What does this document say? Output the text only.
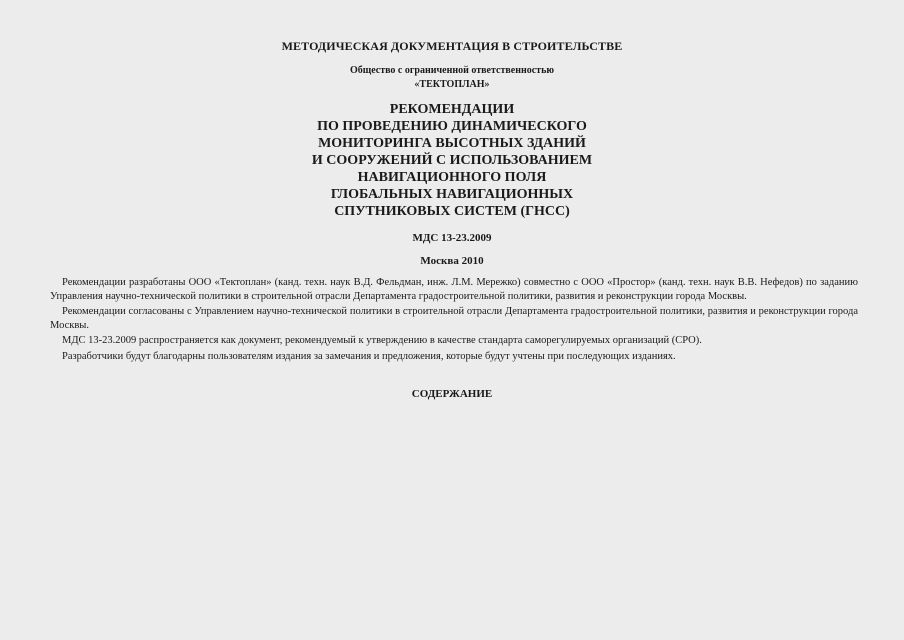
МЕТОДИЧЕСКАЯ ДОКУМЕНТАЦИЯ В СТРОИТЕЛЬСТВЕ
Общество с ограниченной ответственностью
«ТЕКТОПЛАН»
РЕКОМЕНДАЦИИ
ПО ПРОВЕДЕНИЮ ДИНАМИЧЕСКОГО
МОНИТОРИНГА ВЫСОТНЫХ ЗДАНИЙ
И СООРУЖЕНИЙ С ИСПОЛЬЗОВАНИЕМ
НАВИГАЦИОННОГО ПОЛЯ
ГЛОБАЛЬНЫХ НАВИГАЦИОННЫХ
СПУТНИКОВЫХ СИСТЕМ (ГНСС)
МДС 13-23.2009
Москва 2010

Рекомендации разработаны ООО «Тектоплан» (канд. техн. наук В.Д. Фельдман, инж. Л.М. Мережко) совместно с ООО «Простор» (канд. техн. наук В.В. Нефедов) по заданию Управления научно-технической политики в строительной отрасли Департамента градостроительной политики, развития и реконструкции города Москвы.

Рекомендации согласованы с Управлением научно-технической политики в строительной отрасли Департамента градостроительной политики, развития и реконструкции города Москвы.

МДС 13-23.2009 распространяется как документ, рекомендуемый к утверждению в качестве стандарта саморегулируемых организаций (СРО).

Разработчики будут благодарны пользователям издания за замечания и предложения, которые будут учтены при последующих изданиях.

СОДЕРЖАНИЕ
